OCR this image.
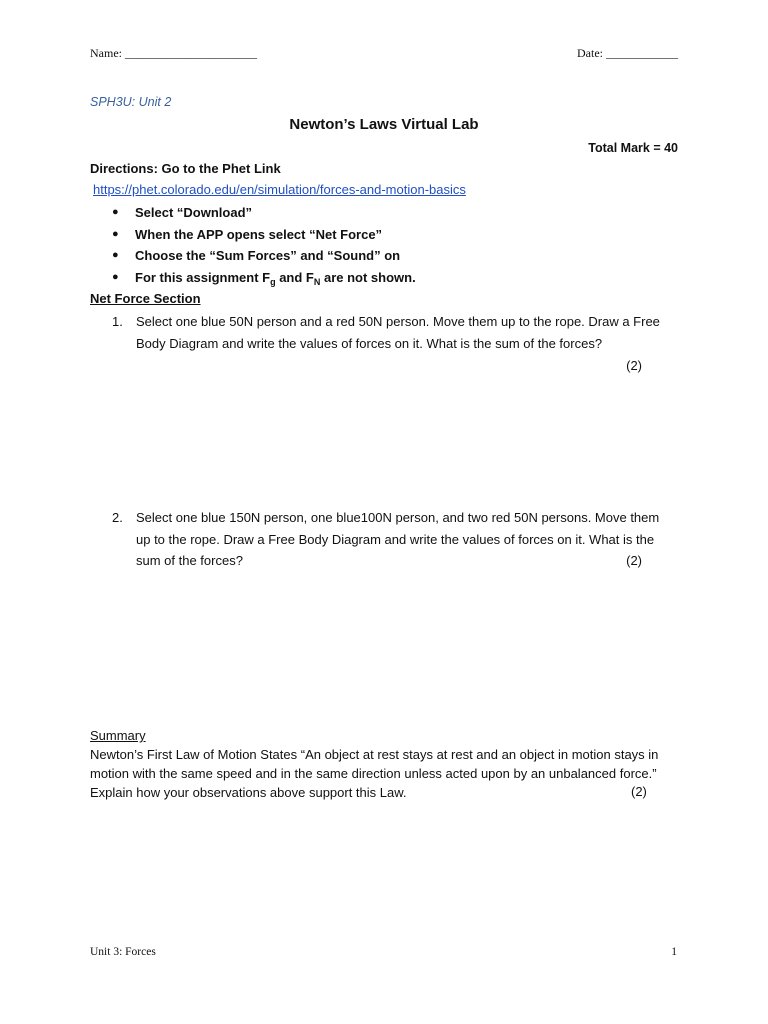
Name: ______________________	Date: ____________
SPH3U: Unit 2
Newton’s Laws Virtual Lab
Total Mark = 40
Directions: Go to the Phet Link
https://phet.colorado.edu/en/simulation/forces-and-motion-basics
● Select “Download”
● When the APP opens select “Net Force”
● Choose the “Sum Forces” and “Sound” on
● For this assignment $F_g$ and $F_N$ are not shown.
Net Force Section
1. Select one blue 50N person and a red 50N person. Move them up to the rope. Draw a Free Body Diagram and write the values of forces on it. What is the sum of the forces?
(2)
2. Select one blue 150N person, one blue100N person, and two red 50N persons. Move them up to the rope. Draw a Free Body Diagram and write the values of forces on it. What is the sum of the forces?	(2)
Summary
Newton’s First Law of Motion States “An object at rest stays at rest and an object in motion stays in motion with the same speed and in the same direction unless acted upon by an unbalanced force.” Explain how your observations above support this Law.	(2)
Unit 3: Forces	1
